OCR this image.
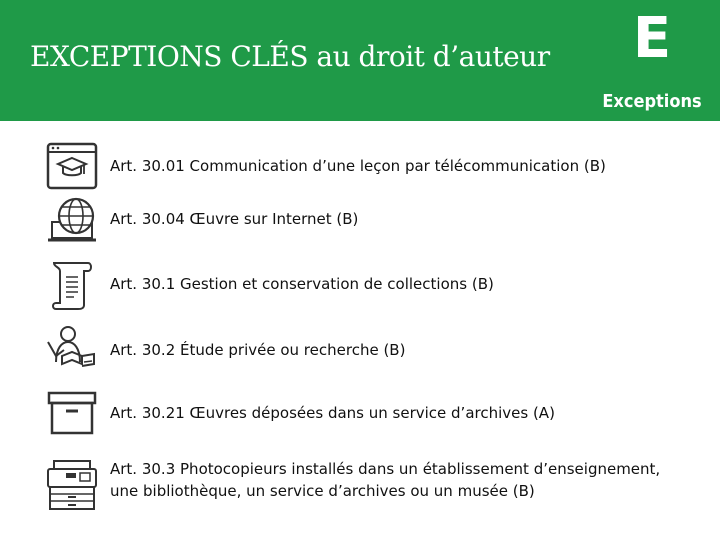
EXCEPTIONS CLÉS au droit d’auteur E
Exceptions
Art. 30.01 Communication d’une leçon par télécommunication (B)
Art. 30.04 Œuvre sur Internet (B)
Art. 30.1 Gestion et conservation de collections (B)
Art. 30.2 Étude privée ou recherche (B)
Art. 30.21 Œuvres déposées dans un service d’archives (A)
Art. 30.3 Photocopieurs installés dans un établissement d’enseignement, une bibliothèque, un service d’archives ou un musée (B)
